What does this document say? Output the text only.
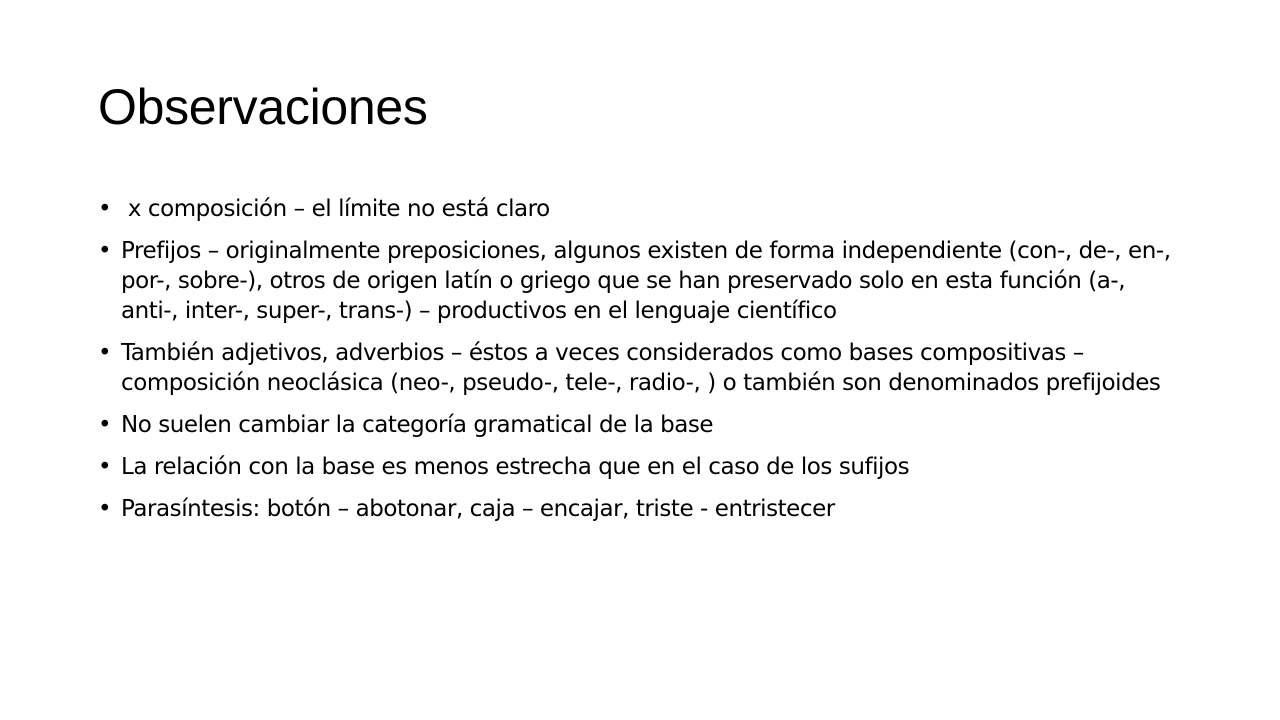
Observaciones
• x composición – el límite no está claro
• Prefijos – originalmente preposiciones, algunos existen de forma independiente (con-, de-, en-, por-, sobre-), otros de origen latín o griego que se han preservado solo en esta función (a-, anti-, inter-, super-, trans-) – productivos en el lenguaje científico
• También adjetivos, adverbios – éstos a veces considerados como bases compositivas – composición neoclásica (neo-, pseudo-, tele-, radio-, ) o también son denominados prefijoides
• No suelen cambiar la categoría gramatical de la base
• La relación con la base es menos estrecha que en el caso de los sufijos
• Parasíntesis: botón – abotonar, caja – encajar, triste - entristecer
